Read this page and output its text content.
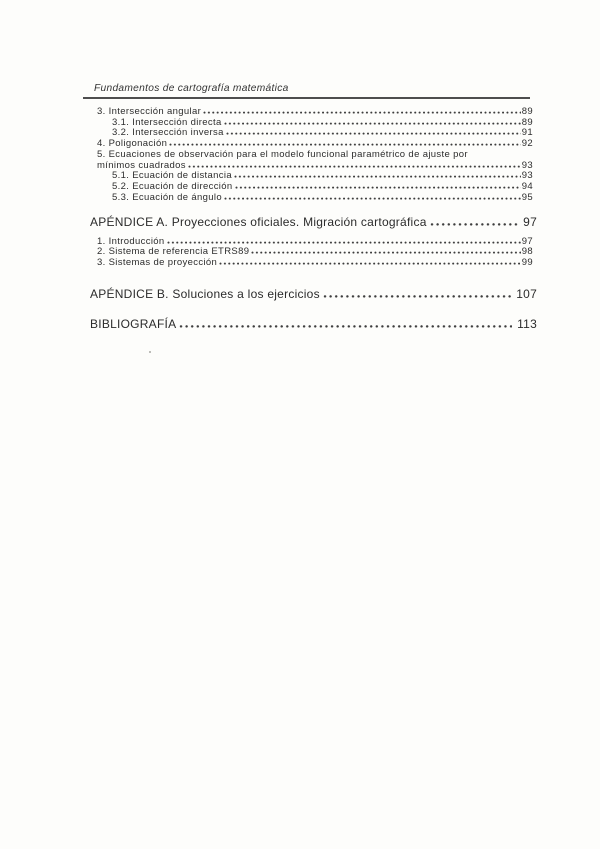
Fundamentos de cartografía matemática
3. Intersección angular	89
3.1. Intersección directa	89
3.2. Intersección inversa	91
4. Poligonación	92
5. Ecuaciones de observación para el modelo funcional paramétrico de ajuste por
mínimos cuadrados	93
5.1. Ecuación de distancia	93
5.2. Ecuación de dirección	94
5.3. Ecuación de ángulo	95
APÉNDICE A. Proyecciones oficiales. Migración cartográfica	97
1. Introducción	97
2. Sistema de referencia ETRS89	98
3. Sistemas de proyección	99
APÉNDICE B. Soluciones a los ejercicios	107
BIBLIOGRAFÍA	113
